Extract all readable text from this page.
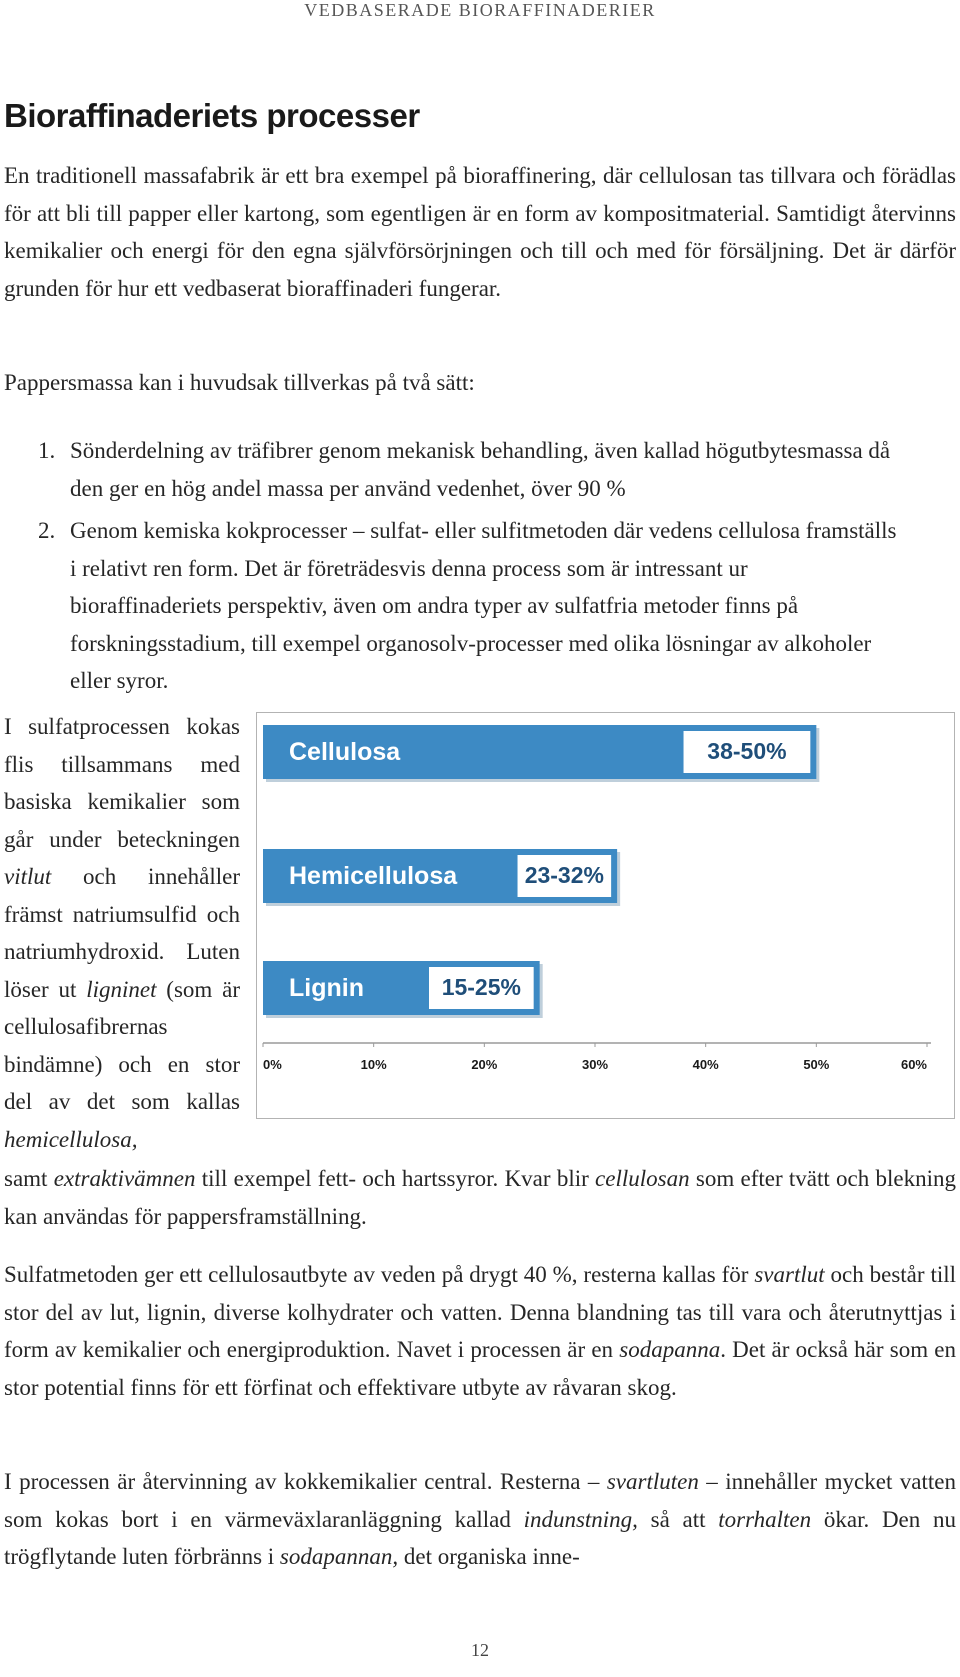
VEDBASERADE BIORAFFINADERIER
Bioraffinaderiets processer

En traditionell massafabrik är ett bra exempel på bioraffinering, där cellulosan tas tillvara och förädlas för att bli till papper eller kartong, som egentligen är en form av kompositmaterial. Samtidigt återvinns kemikalier och energi för den egna självförsörjningen och till och med för försäljning. Det är därför grunden för hur ett vedbaserat bioraffinaderi fungerar.

Pappersmassa kan i huvudsak tillverkas på två sätt:

1. Sönderdelning av träfibrer genom mekanisk behandling, även kallad högutbytesmassa då den ger en hög andel massa per använd vedenhet, över 90 %
2. Genom kemiska kokprocesser – sulfat- eller sulfitmetoden där vedens cellulosa framställs i relativt ren form. Det är företrädesvis denna process som är intressant ur bioraffinaderiets perspektiv, även om andra typer av sulfatfria metoder finns på forskningsstadium, till exempel organosolv-processer med olika lösningar av alkoholer eller syror.

I sulfatprocessen kokas flis tillsammans med basiska kemikalier som går under beteckningen vitlut och innehåller främst natriumsulfid och natriumhydroxid. Luten löser ut ligninet (som är cellulosafibrernas bindämne) och en stor del av det som kallas hemicellulosa,

Cellulosa	38-50%
Hemicellulosa	23-32%
Lignin	15-25%
0%	10%	20%	30%	40%	50%	60%

samt extraktivämnen till exempel fett- och hartssyror. Kvar blir cellulosan som efter tvätt och blekning kan användas för pappersframställning.

Sulfatmetoden ger ett cellulosautbyte av veden på drygt 40 %, resterna kallas för svartlut och består till stor del av lut, lignin, diverse kolhydrater och vatten. Denna blandning tas till vara och återutnyttjas i form av kemikalier och energiproduktion. Navet i processen är en sodapanna. Det är också här som en stor potential finns för ett förfinat och effektivare utbyte av råvaran skog.

I processen är återvinning av kokkemikalier central. Resterna – svartluten – innehåller mycket vatten som kokas bort i en värmeväxlaranläggning kallad indunstning, så att torrhalten ökar. Den nu trögflytande luten förbränns i sodapannan, det organiska inne-

12
